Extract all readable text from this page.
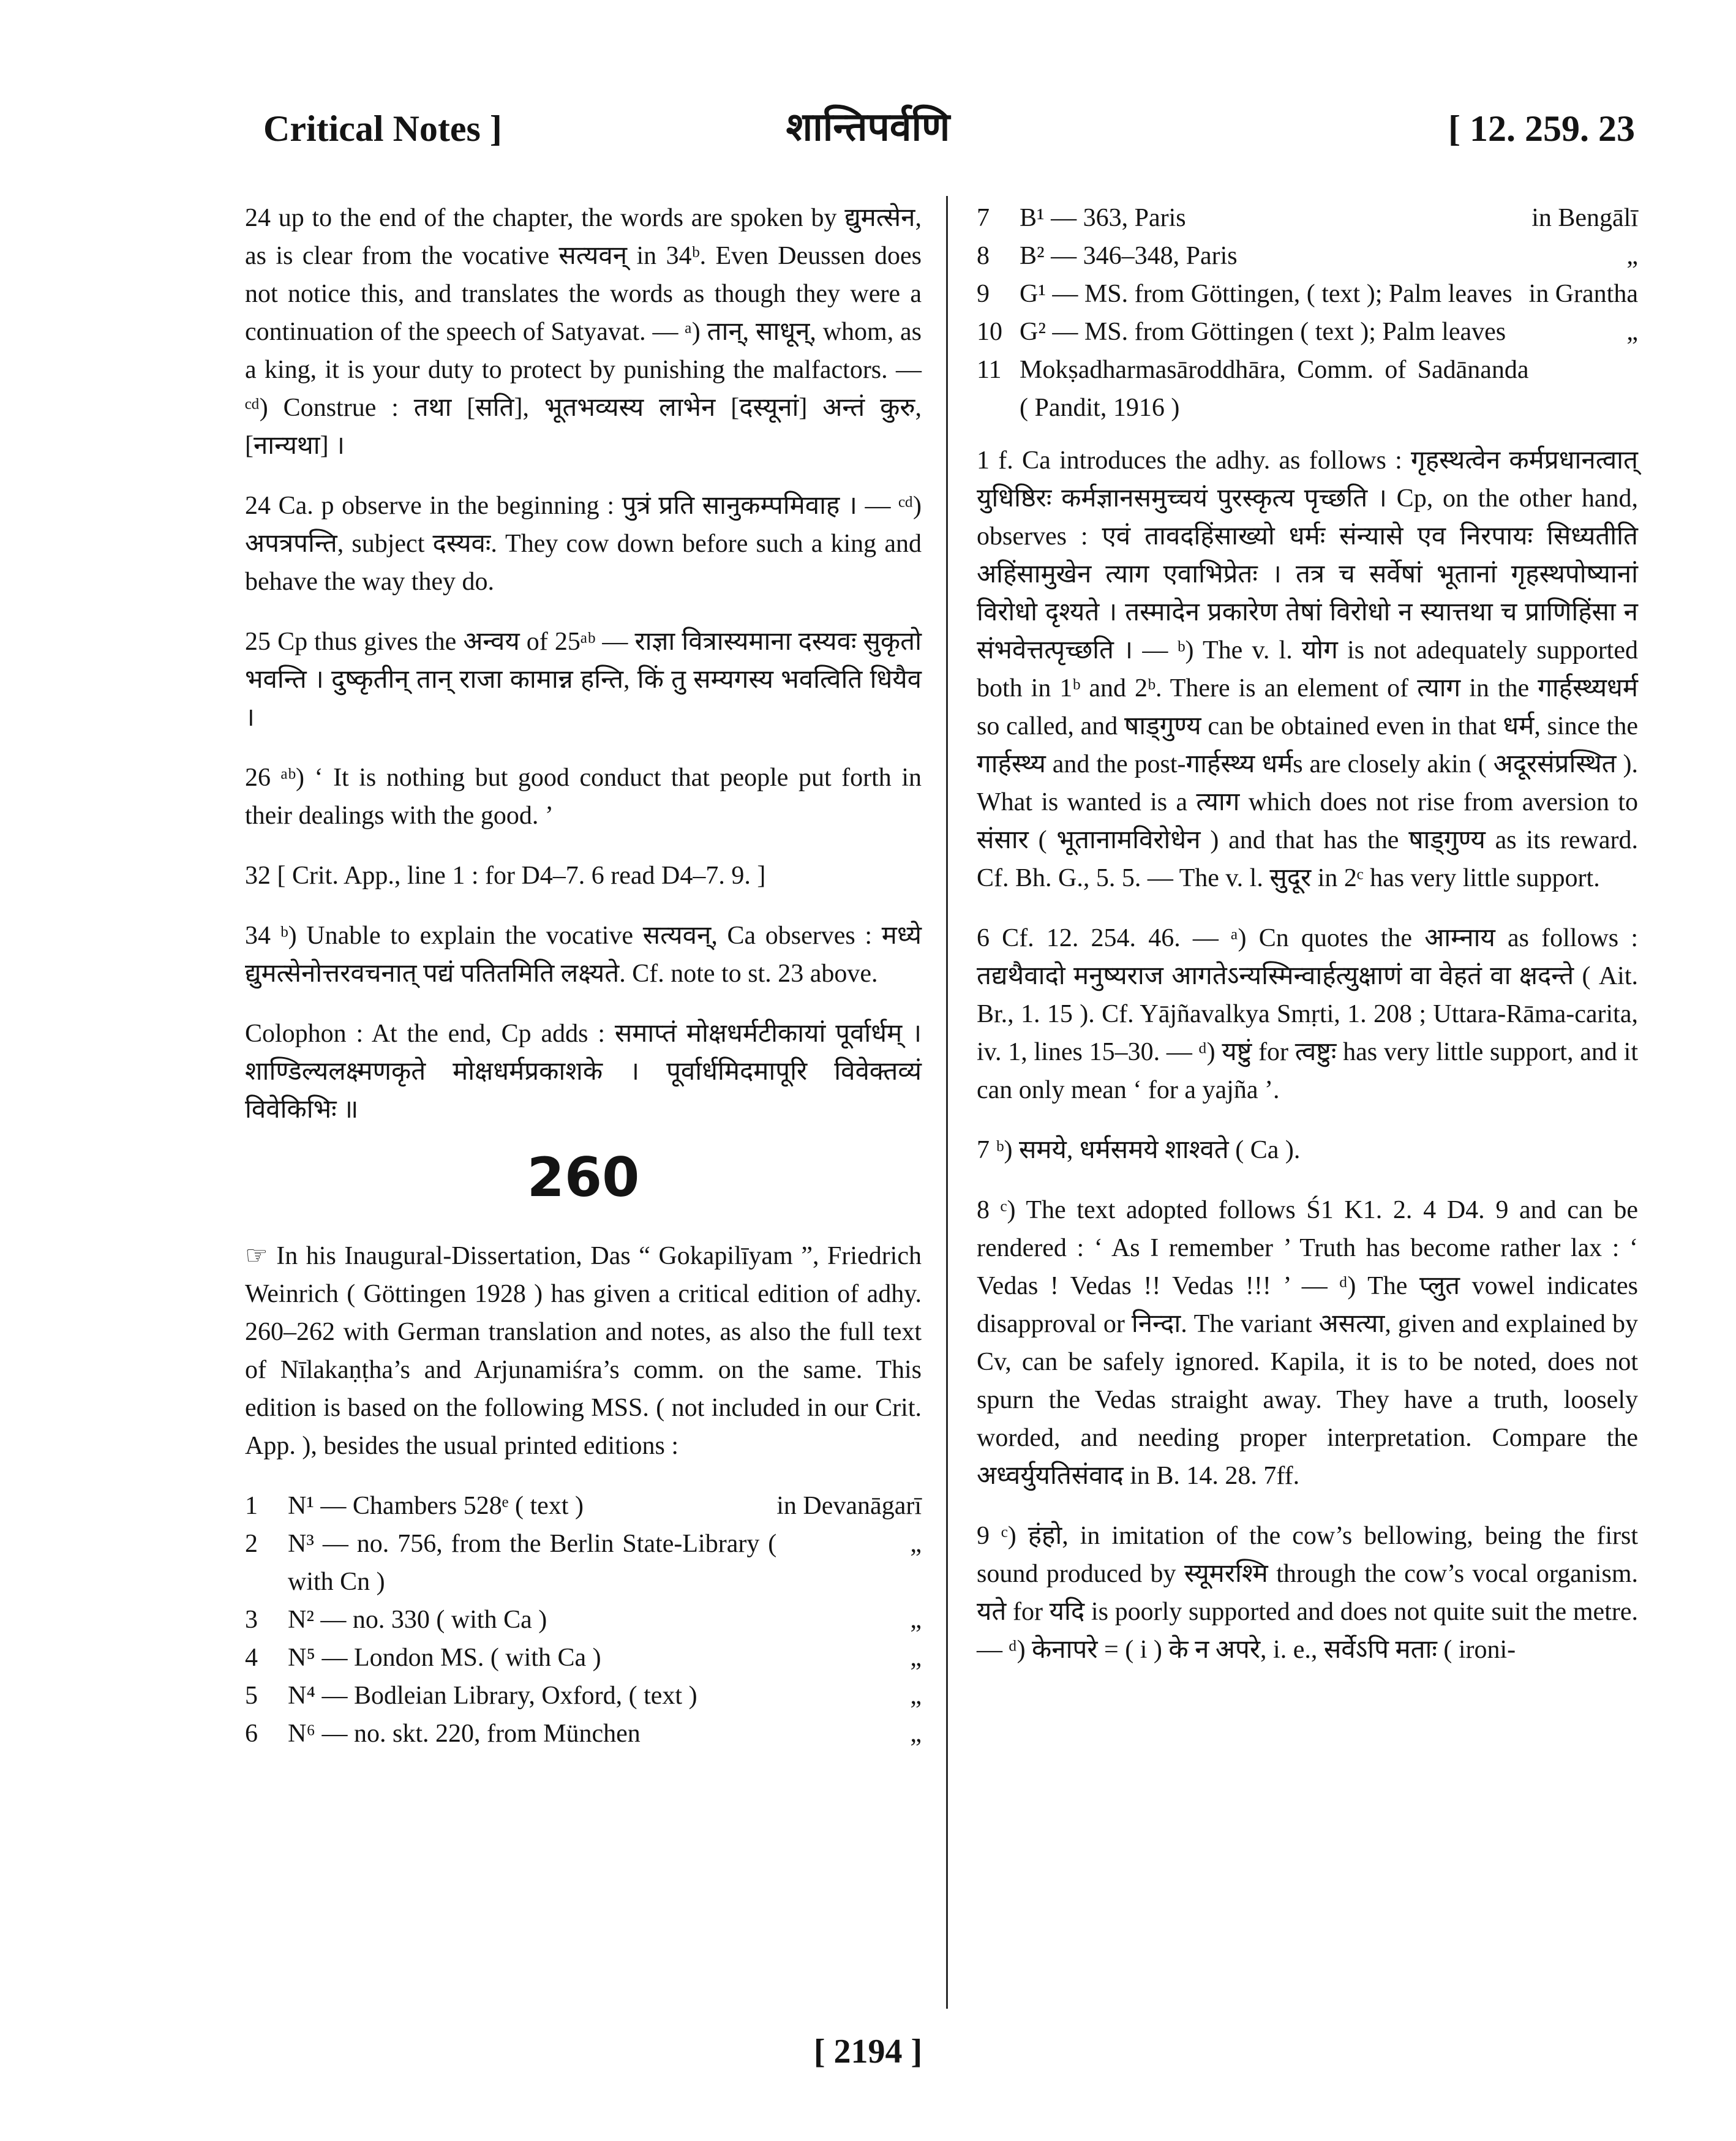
Critical Notes ]	शान्तिपर्वणि	[ 12. 259. 23

24 up to the end of the chapter, the words are spoken by द्युमत्सेन, as is clear from the vocative सत्यवन् in 34ᵇ. Even Deussen does not notice this, and translates the words as though they were a continuation of the speech of Satyavat. — ᵃ) तान्, साधून्, whom, as a king, it is your duty to protect by punishing the malfactors. — ᶜᵈ) Construe : तथा [सति], भूतभव्यस्य लाभेन [दस्यूनां] अन्तं कुरु, [नान्यथा] ।

24 Ca. p observe in the beginning : पुत्रं प्रति सानुकम्पमिवाह । — ᶜᵈ) अपत्रपन्ति, subject दस्यवः. They cow down before such a king and behave the way they do.

25 Cp thus gives the अन्वय of 25ᵃᵇ — राज्ञा वित्रास्यमाना दस्यवः सुकृतो भवन्ति । दुष्कृतीन् तान् राजा कामान्न हन्ति, किं तु सम्यगस्य भवत्विति धियैव ।

26 ᵃᵇ) ‘ It is nothing but good conduct that people put forth in their dealings with the good. ’

32 [ Crit. App., line 1 : for D4–7. 6 read D4–7. 9. ]

34 ᵇ) Unable to explain the vocative सत्यवन्, Ca observes : मध्ये द्युमत्सेनोत्तरवचनात् पद्यं पतितमिति लक्ष्यते. Cf. note to st. 23 above.

Colophon : At the end, Cp adds : समाप्तं मोक्षधर्मटीकायां पूर्वार्धम् । शाण्डिल्यलक्ष्मणकृते मोक्षधर्मप्रकाशके । पूर्वार्धमिदमापूरि विवेक्तव्यं विवेकिभिः ॥

260

☞ In his Inaugural-Dissertation, Das “ Gokapilīyam ”, Friedrich Weinrich ( Göttingen 1928 ) has given a critical edition of adhy. 260–262 with German translation and notes, as also the full text of Nīlakaṇṭha’s and Arjunamiśra’s comm. on the same. This edition is based on the following MSS. ( not included in our Crit. App. ), besides the usual printed editions :

1	N¹ — Chambers 528ᵉ ( text )	in Devanāgarī
2	N³ — no. 756, from the Berlin State-Library ( with Cn )	„
3	N² — no. 330 ( with Ca )	„
4	N⁵ — London MS. ( with Ca )	„
5	N⁴ — Bodleian Library, Oxford, ( text )	„
6	N⁶ — no. skt. 220, from München	„
7	B¹ — 363, Paris	in Bengālī
8	B² — 346–348, Paris	„
9	G¹ — MS. from Göttingen, ( text ); Palm leaves	in Grantha
10	G² — MS. from Göttingen ( text ); Palm leaves	„
11	Mokṣadharmasāroddhāra, Comm. of Sadānanda ( Pandit, 1916 )	

1 f. Ca introduces the adhy. as follows : गृहस्थत्वेन कर्मप्रधानत्वात् युधिष्ठिरः कर्मज्ञानसमुच्चयं पुरस्कृत्य पृच्छति । Cp, on the other hand, observes : एवं तावदहिंसाख्यो धर्मः संन्यासे एव निरपायः सिध्यतीति अहिंसामुखेन त्याग एवाभिप्रेतः । तत्र च सर्वेषां भूतानां गृहस्थपोष्यानां विरोधो दृश्यते । तस्मादेन प्रकारेण तेषां विरोधो न स्यात्तथा च प्राणिहिंसा न संभवेत्तत्पृच्छति । — ᵇ) The v. l. योग is not adequately supported both in 1ᵇ and 2ᵇ. There is an element of त्याग in the गार्हस्थ्यधर्म so called, and षाड्गुण्य can be obtained even in that धर्म, since the गार्हस्थ्य and the post-गार्हस्थ्य धर्मs are closely akin ( अदूरसंप्रस्थित ). What is wanted is a त्याग which does not rise from aversion to संसार ( भूतानामविरोधेन ) and that has the षाड्गुण्य as its reward. Cf. Bh. G., 5. 5. — The v. l. सुदूर in 2ᶜ has very little support.

6 Cf. 12. 254. 46. — ᵃ) Cn quotes the आम्नाय as follows : तद्यथैवादो मनुष्यराज आगतेऽन्यस्मिन्वार्हत्युक्षाणं वा वेहतं वा क्षदन्ते ( Ait. Br., 1. 15 ). Cf. Yājñavalkya Smṛti, 1. 208 ; Uttara-Rāma-carita, iv. 1, lines 15–30. — ᵈ) यष्टुं for त्वष्टुः has very little support, and it can only mean ‘ for a yajña ’.

7 ᵇ) समये, धर्मसमये शाश्वते ( Ca ).

8 ᶜ) The text adopted follows Ś1 K1. 2. 4 D4. 9 and can be rendered : ‘ As I remember ’ Truth has become rather lax : ‘ Vedas ! Vedas !! Vedas !!! ’ — ᵈ) The प्लुत vowel indicates disapproval or निन्दा. The variant असत्या, given and explained by Cv, can be safely ignored. Kapila, it is to be noted, does not spurn the Vedas straight away. They have a truth, loosely worded, and needing proper interpretation. Compare the अध्वर्युयतिसंवाद in B. 14. 28. 7ff.

9 ᶜ) हंहो, in imitation of the cow’s bellowing, being the first sound produced by स्यूमरश्मि through the cow’s vocal organism. यते for यदि is poorly supported and does not quite suit the metre. — ᵈ) केनापरे = ( i ) के न अपरे, i. e., सर्वेऽपि मताः ( ironi-

[ 2194 ]
